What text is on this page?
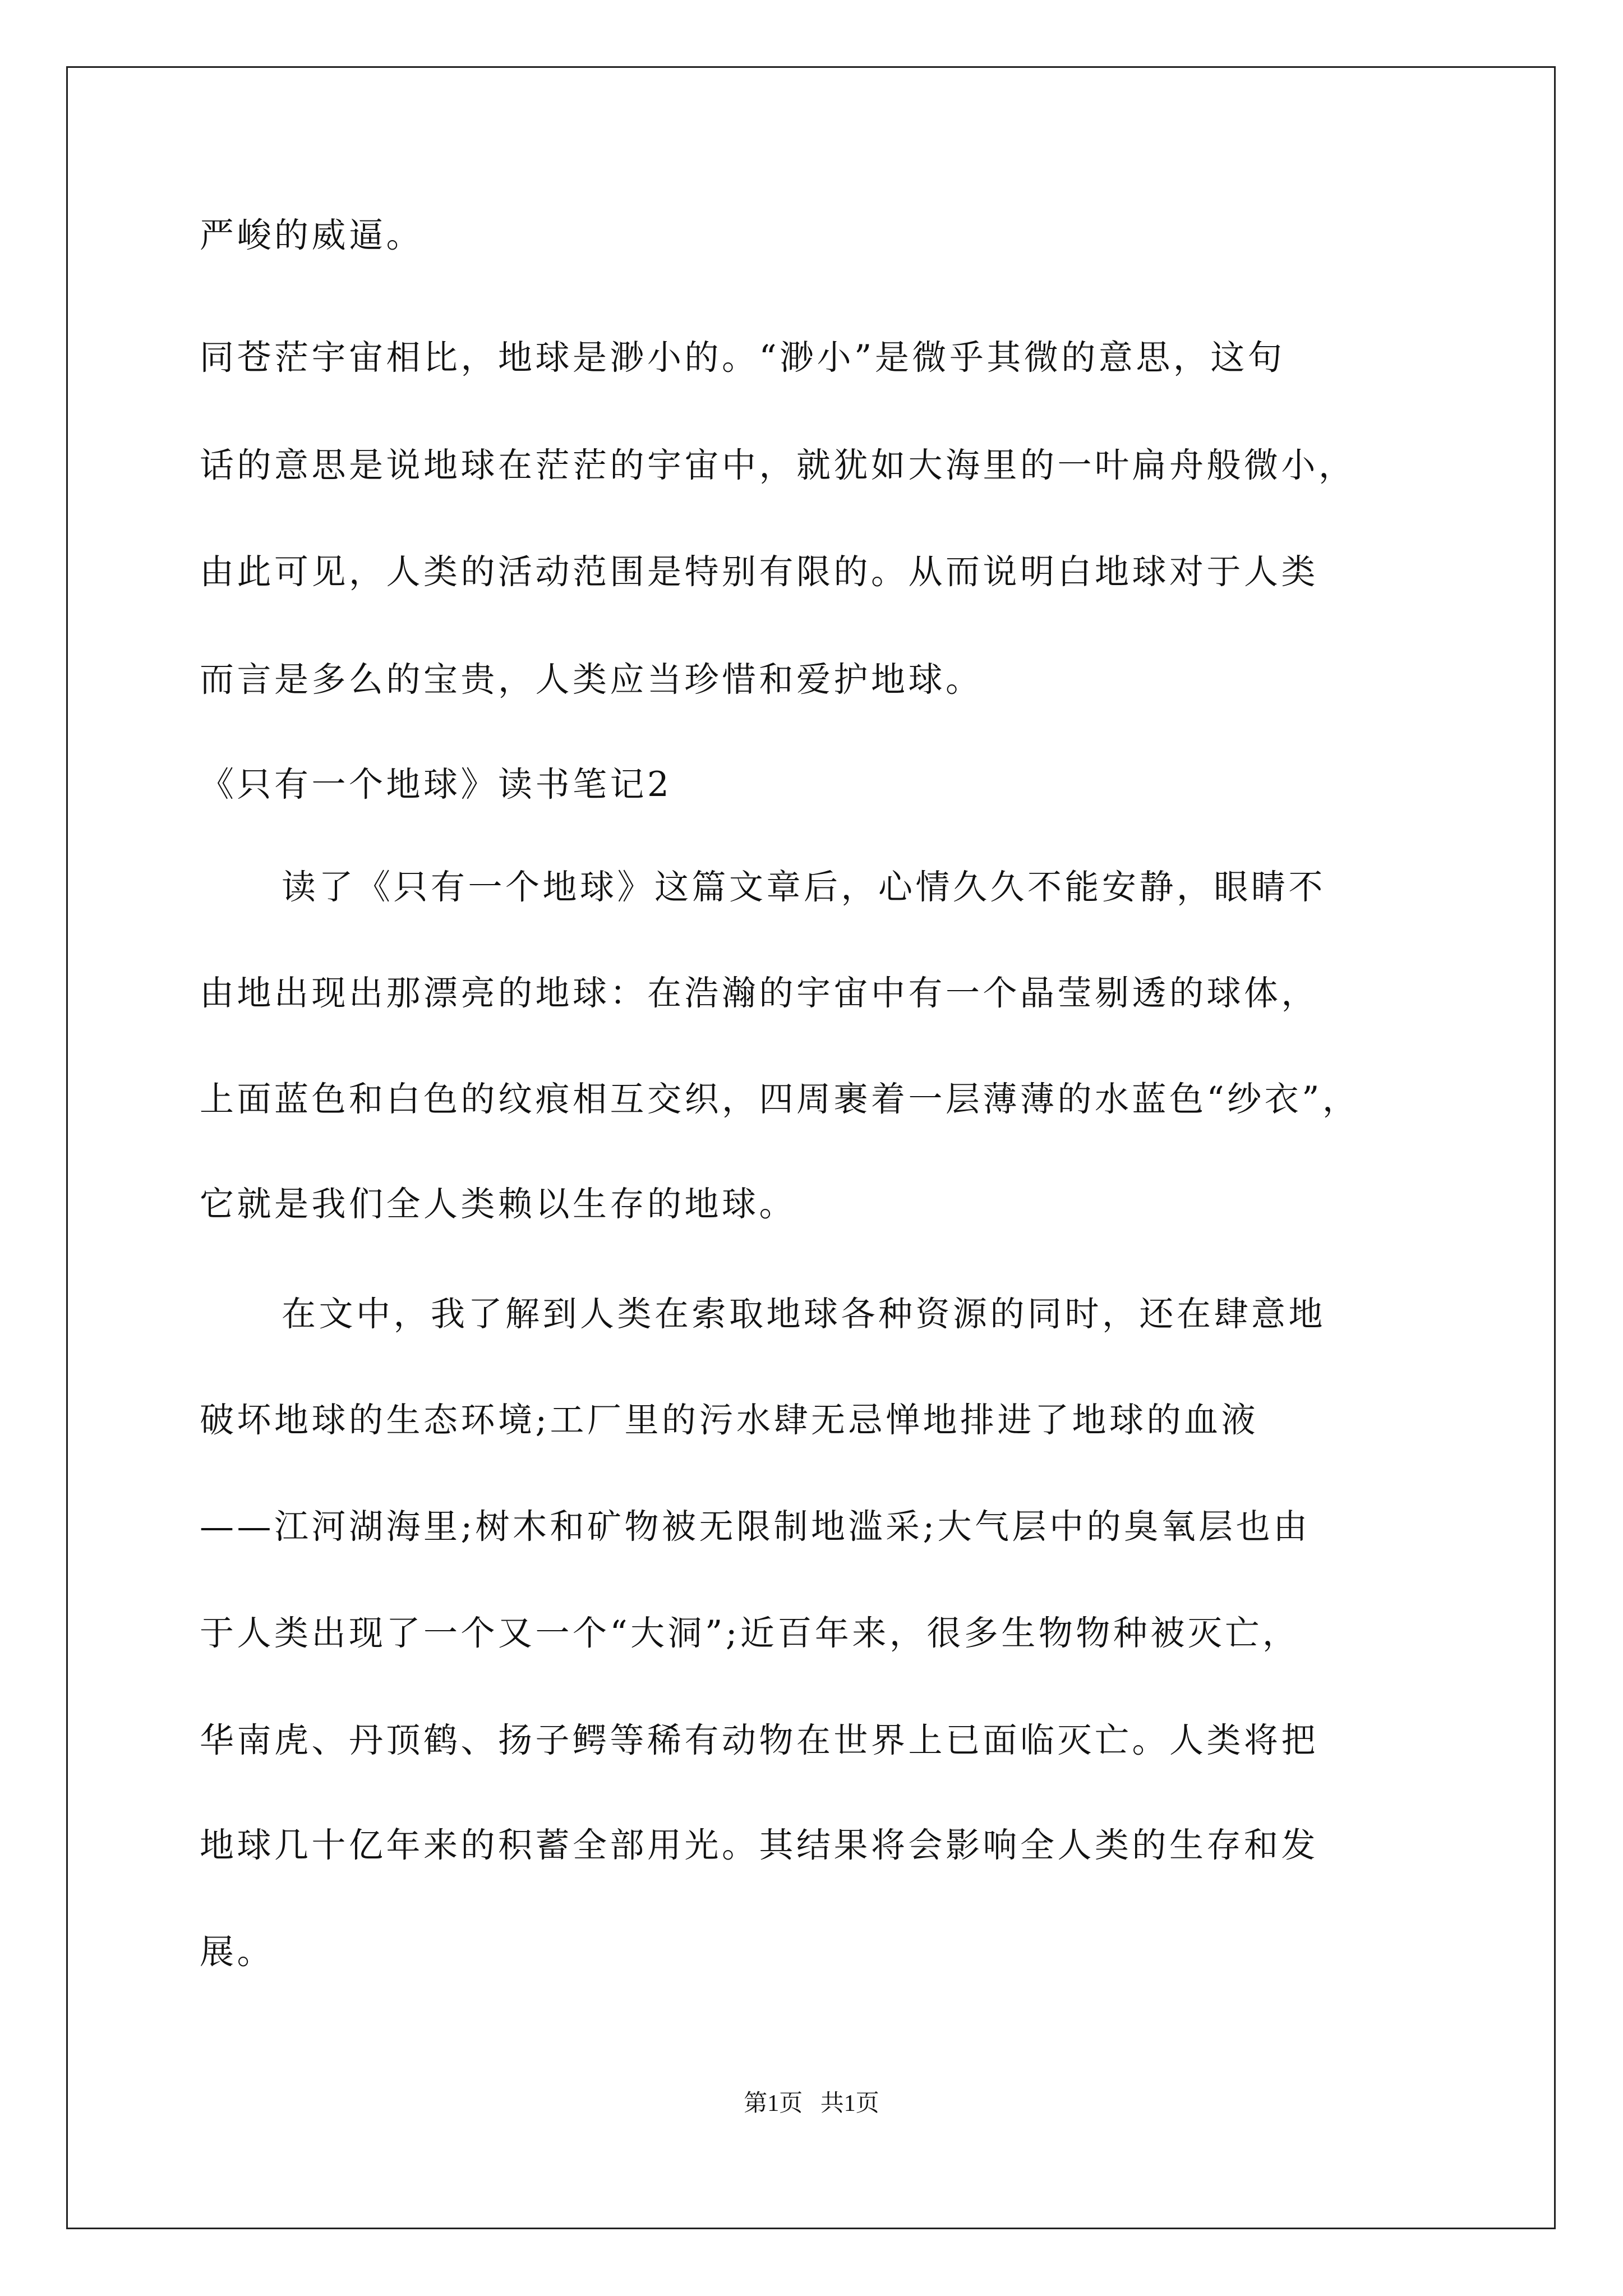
严峻的威逼。
同苍茫宇宙相比，地球是渺小的。“渺小”是微乎其微的意思，这句
话的意思是说地球在茫茫的宇宙中，就犹如大海里的一叶扁舟般微小，
由此可见，人类的活动范围是特别有限的。从而说明白地球对于人类
而言是多么的宝贵，人类应当珍惜和爱护地球。
《只有一个地球》读书笔记2
读了《只有一个地球》这篇文章后，心情久久不能安静，眼睛不
由地出现出那漂亮的地球：在浩瀚的宇宙中有一个晶莹剔透的球体，
上面蓝色和白色的纹痕相互交织，四周裹着一层薄薄的水蓝色“纱衣”，
它就是我们全人类赖以生存的地球。
在文中，我了解到人类在索取地球各种资源的同时，还在肆意地
破坏地球的生态环境;工厂里的污水肆无忌惮地排进了地球的血液
——江河湖海里;树木和矿物被无限制地滥采;大气层中的臭氧层也由
于人类出现了一个又一个“大洞”;近百年来，很多生物物种被灭亡，
华南虎、丹顶鹤、扬子鳄等稀有动物在世界上已面临灭亡。人类将把
地球几十亿年来的积蓄全部用光。其结果将会影响全人类的生存和发
展。
第1页   共1页
